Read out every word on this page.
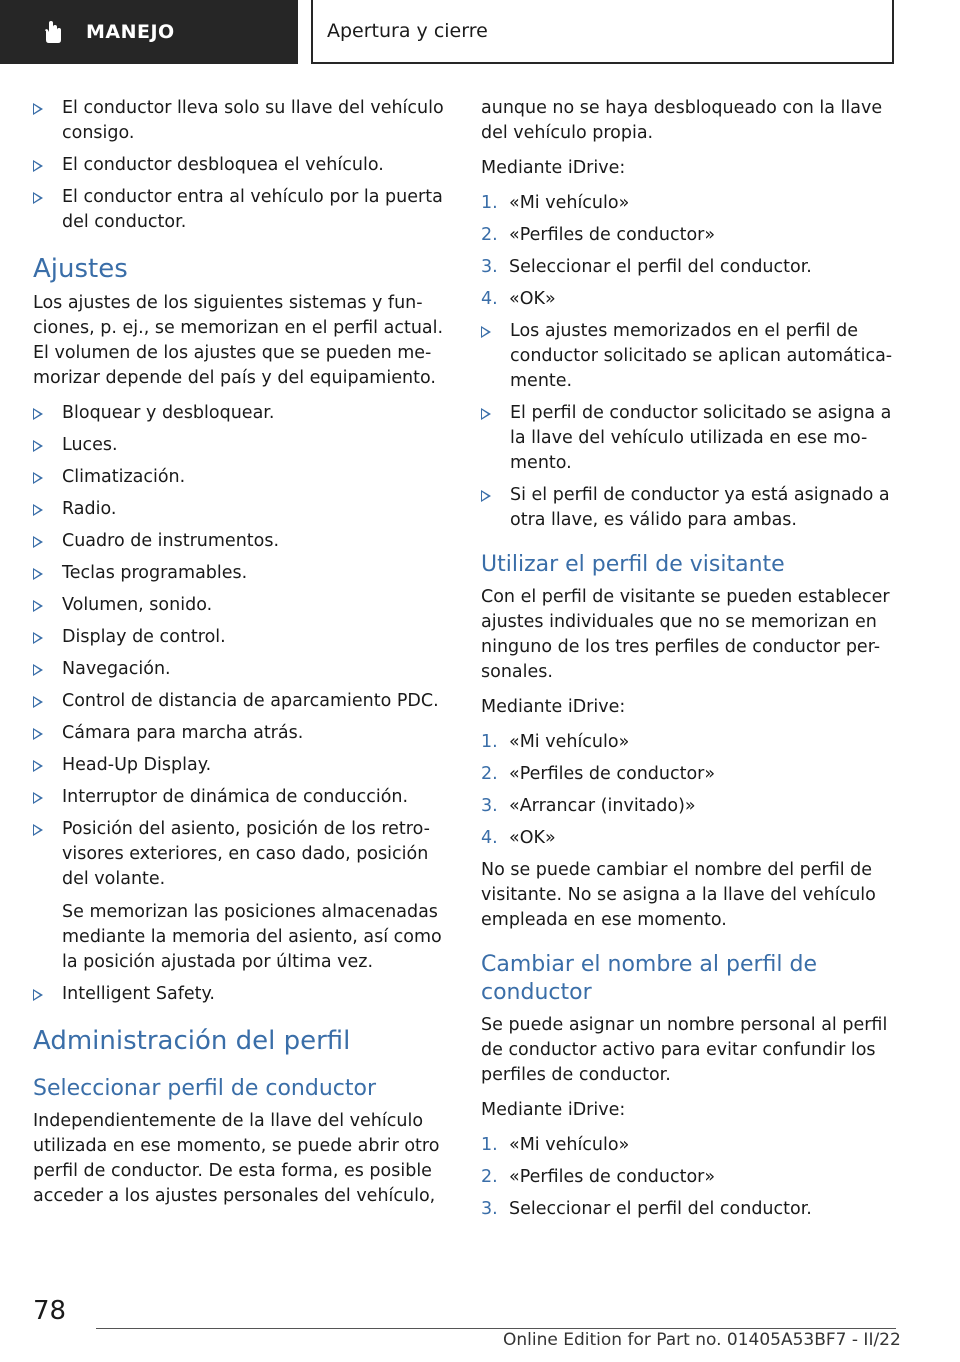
MANEJO	Apertura y cierre
El conductor lleva solo su llave del vehículo consigo.
El conductor desbloquea el vehículo.
El conductor entra al vehículo por la puerta del conductor.
Ajustes

Los ajustes de los siguientes sistemas y fun-ciones, p. ej., se memorizan en el perfil actual. El volumen de los ajustes que se pueden me-morizar depende del país y del equipamiento.

Bloquear y desbloquear.
Luces.
Climatización.
Radio.
Cuadro de instrumentos.
Teclas programables.
Volumen, sonido.
Display de control.
Navegación.
Control de distancia de aparcamiento PDC.
Cámara para marcha atrás.
Head-Up Display.
Interruptor de dinámica de conducción.
Posición del asiento, posición de los retro-visores exteriores, en caso dado, posición del volante.
Se memorizan las posiciones almacenadas mediante la memoria del asiento, así como la posición ajustada por última vez.
Intelligent Safety.
Administración del perfil
Seleccionar perfil de conductor

Independientemente de la llave del vehículo utilizada en ese momento, se puede abrir otro perfil de conductor. De esta forma, es posible acceder a los ajustes personales del vehículo,

aunque no se haya desbloqueado con la llave del vehículo propia.

Mediante iDrive:

1. «Mi vehículo»
2. «Perfiles de conductor»
3. Seleccionar el perfil del conductor.
4. «OK»
Los ajustes memorizados en el perfil de conductor solicitado se aplican automática-mente.
El perfil de conductor solicitado se asigna a la llave del vehículo utilizada en ese mo-mento.
Si el perfil de conductor ya está asignado a otra llave, es válido para ambas.
Utilizar el perfil de visitante

Con el perfil de visitante se pueden establecer ajustes individuales que no se memorizan en ninguno de los tres perfiles de conductor per-sonales.

Mediante iDrive:

1. «Mi vehículo»
2. «Perfiles de conductor»
3. «Arrancar (invitado)»
4. «OK»

No se puede cambiar el nombre del perfil de visitante. No se asigna a la llave del vehículo empleada en ese momento.

Cambiar el nombre al perfil de conductor

Se puede asignar un nombre personal al perfil de conductor activo para evitar confundir los perfiles de conductor.

Mediante iDrive:

1. «Mi vehículo»
2. «Perfiles de conductor»
3. Seleccionar el perfil del conductor.
78
Online Edition for Part no. 01405A53BF7 - II/22
